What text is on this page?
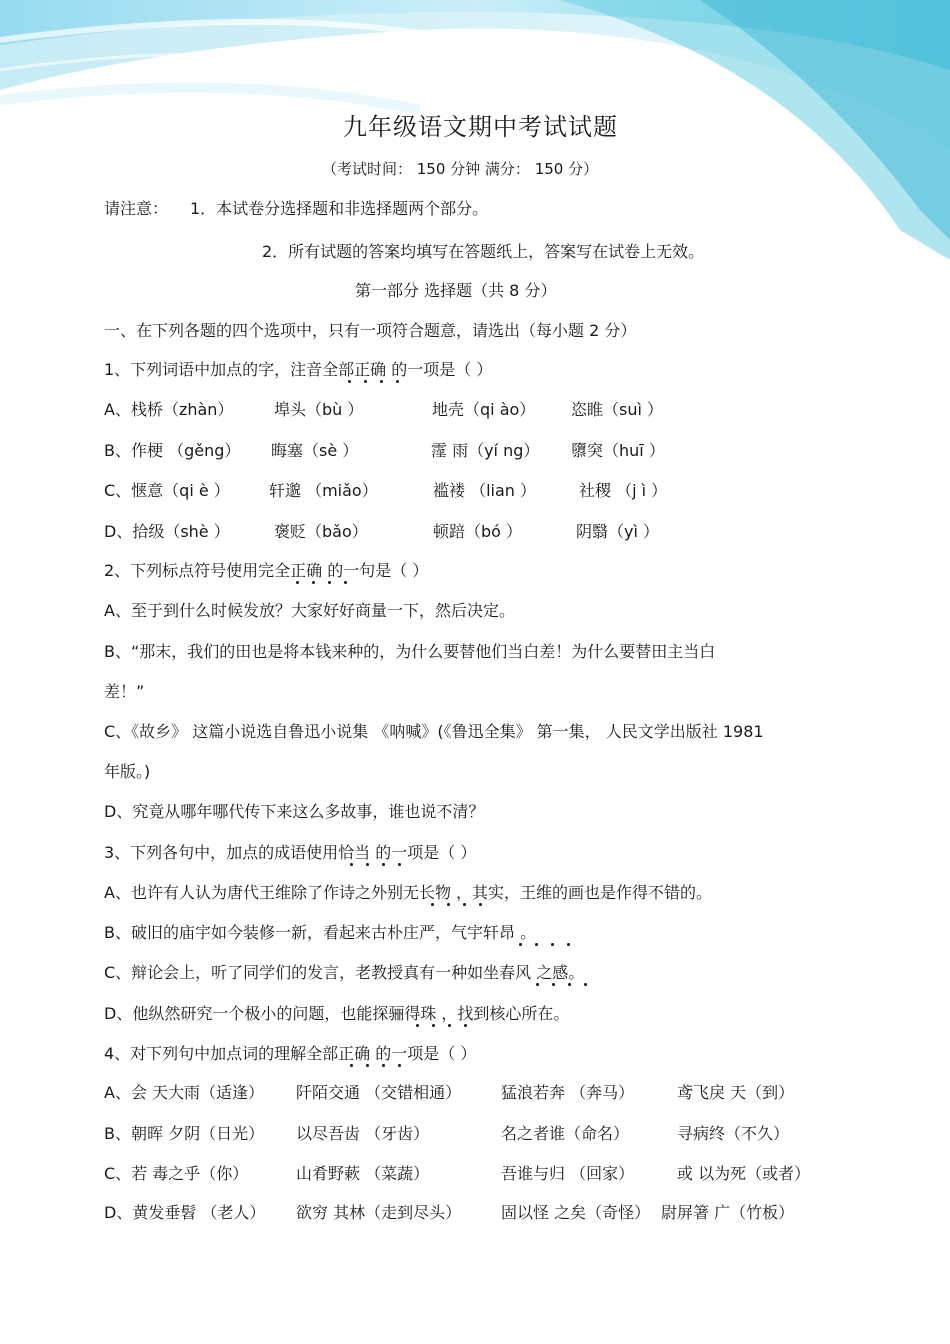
九年级语文期中考试试题
（考试时间： 150 分钟 满分： 150 分）
请注意： 1．本试卷分选择题和非选择题两个部分。
2．所有试题的答案均填写在答题纸上，答案写在试卷上无效。
第一部分 选择题（共 8 分）
一、在下列各题的四个选项中，只有一项符合题意，请选出（每小题 2 分）
1、下列词语中加点的字，注音全部正确 的一项是（ ）
A、栈桥（zhàn）	埠头（bù ）	地壳（qi ào） 恣睢（suì ）
B、作梗 （gěng） 晦塞（sè ）	霪 雨（yí ng） 隳突（huī ）
C、惬意（qi è ） 轩邈 （miǎo）	褴褛 （lian ）	社稷 （j ì ）
D、拾级（shè ）	褒贬（bǎo）	顿踣（bó ）	阴翳（yì ）
2、下列标点符号使用完全正确 的一句是（ ）
A、至于到什么时候发放？大家好好商量一下，然后决定。
B、“那末，我们的田也是将本钱来种的，为什么要替他们当白差！为什么要替田主当白
差！”
C、《故乡》 这篇小说选自鲁迅小说集 《呐喊》(《鲁迅全集》 第一集， 人民文学出版社 1981
年版。)
D、究竟从哪年哪代传下来这么多故事，谁也说不清？
3、下列各句中，加点的成语使用恰当 的一项是（ ）
A、也许有人认为唐代王维除了作诗之外别无长物 ，其实，王维的画也是作得不错的。
B、破旧的庙宇如今装修一新，看起来古朴庄严，气宇轩昂 。
C、辩论会上，听了同学们的发言，老教授真有一种如坐春风 之感。
D、他纵然研究一个极小的问题，也能探骊得珠 ，找到核心所在。
4、对下列句中加点词的理解全部正确 的一项是（ ）
A、会 天大雨（适逢） 阡陌交通 （交错相通） 猛浪若奔 （奔马）	鸢飞戾 天（到）
B、朝晖 夕阴（日光） 以尽吾齿 （牙齿）	名之者谁（命名）	寻病终（不久）
C、若 毒之乎（你）	山肴野蔌 （菜蔬）	吾谁与归 （回家）	或 以为死（或者）
D、黄发垂髫 （老人） 欲穷 其林（走到尽头） 固以怪 之矣（奇怪） 尉屏箸 广（竹板）
